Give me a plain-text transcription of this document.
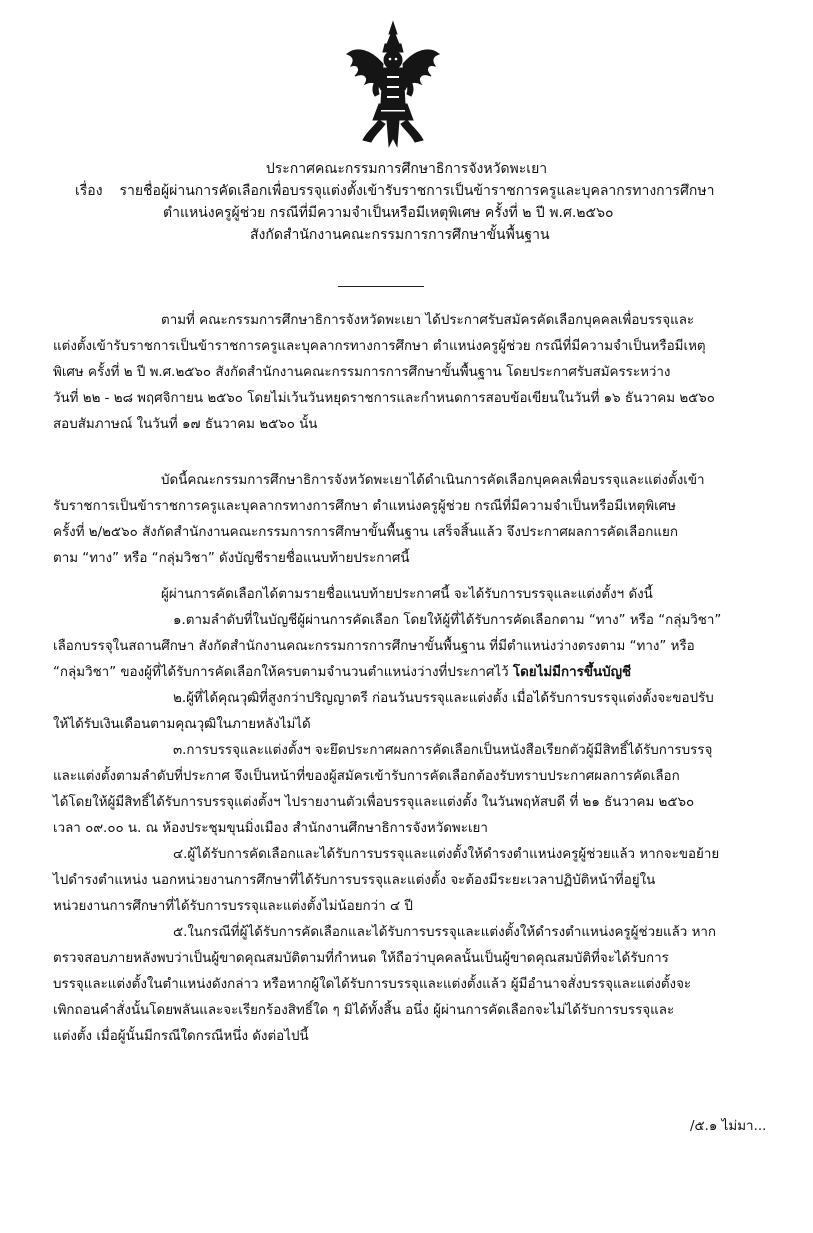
ประกาศคณะกรรมการศึกษาธิการจังหวัดพะเยา
เรื่อง รายชื่อผู้ผ่านการคัดเลือกเพื่อบรรจุแต่งตั้งเข้ารับราชการเป็นข้าราชการครูและบุคลากรทางการศึกษา
ตำแหน่งครูผู้ช่วย กรณีที่มีความจำเป็นหรือมีเหตุพิเศษ ครั้งที่ ๒ ปี พ.ศ.๒๕๖๐
สังกัดสำนักงานคณะกรรมการการศึกษาขั้นพื้นฐาน
ตามที่ คณะกรรมการศึกษาธิการจังหวัดพะเยา ได้ประกาศรับสมัครคัดเลือกบุคคลเพื่อบรรจุและ
แต่งตั้งเข้ารับราชการเป็นข้าราชการครูและบุคลากรทางการศึกษา ตำแหน่งครูผู้ช่วย กรณีที่มีความจำเป็นหรือมีเหตุ
พิเศษ ครั้งที่ ๒ ปี พ.ศ.๒๕๖๐ สังกัดสำนักงานคณะกรรมการการศึกษาขั้นพื้นฐาน โดยประกาศรับสมัครระหว่าง
วันที่ ๒๒ - ๒๘ พฤศจิกายน ๒๕๖๐ โดยไม่เว้นวันหยุดราชการและกำหนดการสอบข้อเขียนในวันที่ ๑๖ ธันวาคม ๒๕๖๐
สอบสัมภาษณ์ ในวันที่ ๑๗ ธันวาคม ๒๕๖๐ นั้น
บัดนี้คณะกรรมการศึกษาธิการจังหวัดพะเยาได้ดำเนินการคัดเลือกบุคคลเพื่อบรรจุและแต่งตั้งเข้า
รับราชการเป็นข้าราชการครูและบุคลากรทางการศึกษา ตำแหน่งครูผู้ช่วย กรณีที่มีความจำเป็นหรือมีเหตุพิเศษ
ครั้งที่ ๒/๒๕๖๐ สังกัดสำนักงานคณะกรรมการการศึกษาขั้นพื้นฐาน เสร็จสิ้นแล้ว จึงประกาศผลการคัดเลือกแยก
ตาม “ทาง” หรือ “กลุ่มวิชา” ดังบัญชีรายชื่อแนบท้ายประกาศนี้
ผู้ผ่านการคัดเลือกได้ตามรายชื่อแนบท้ายประกาศนี้ จะได้รับการบรรจุและแต่งตั้งฯ ดังนี้
๑.ตามลำดับที่ในบัญชีผู้ผ่านการคัดเลือก โดยให้ผู้ที่ได้รับการคัดเลือกตาม “ทาง” หรือ “กลุ่มวิชา”
เลือกบรรจุในสถานศึกษา สังกัดสำนักงานคณะกรรมการการศึกษาขั้นพื้นฐาน ที่มีตำแหน่งว่างตรงตาม “ทาง” หรือ
“กลุ่มวิชา” ของผู้ที่ได้รับการคัดเลือกให้ครบตามจำนวนตำแหน่งว่างที่ประกาศไว้ โดยไม่มีการขึ้นบัญชี
๒.ผู้ที่ได้คุณวุฒิที่สูงกว่าปริญญาตรี ก่อนวันบรรจุและแต่งตั้ง เมื่อได้รับการบรรจุแต่งตั้งจะขอปรับ
ให้ได้รับเงินเดือนตามคุณวุฒิในภายหลังไม่ได้
๓.การบรรจุและแต่งตั้งฯ จะยึดประกาศผลการคัดเลือกเป็นหนังสือเรียกตัวผู้มีสิทธิ์ได้รับการบรรจุ
และแต่งตั้งตามลำดับที่ประกาศ จึงเป็นหน้าที่ของผู้สมัครเข้ารับการคัดเลือกต้องรับทราบประกาศผลการคัดเลือก
ได้โดยให้ผู้มีสิทธิ์ได้รับการบรรจุแต่งตั้งฯ ไปรายงานตัวเพื่อบรรจุและแต่งตั้ง ในวันพฤหัสบดี ที่ ๒๑ ธันวาคม ๒๕๖๐
เวลา ๐๙.๐๐ น. ณ ห้องประชุมขุนมิ่งเมือง สำนักงานศึกษาธิการจังหวัดพะเยา
๔.ผู้ได้รับการคัดเลือกและได้รับการบรรจุและแต่งตั้งให้ดำรงตำแหน่งครูผู้ช่วยแล้ว หากจะขอย้าย
ไปดำรงตำแหน่ง นอกหน่วยงานการศึกษาที่ได้รับการบรรจุและแต่งตั้ง จะต้องมีระยะเวลาปฏิบัติหน้าที่อยู่ใน
หน่วยงานการศึกษาที่ได้รับการบรรจุและแต่งตั้งไม่น้อยกว่า ๔ ปี
๕.ในกรณีที่ผู้ได้รับการคัดเลือกและได้รับการบรรจุและแต่งตั้งให้ดำรงตำแหน่งครูผู้ช่วยแล้ว หาก
ตรวจสอบภายหลังพบว่าเป็นผู้ขาดคุณสมบัติตามที่กำหนด ให้ถือว่าบุคคลนั้นเป็นผู้ขาดคุณสมบัติที่จะได้รับการ
บรรจุและแต่งตั้งในตำแหน่งดังกล่าว หรือหากผู้ใดได้รับการบรรจุและแต่งตั้งแล้ว ผู้มีอำนาจสั่งบรรจุและแต่งตั้งจะ
เพิกถอนคำสั่งนั้นโดยพลันและจะเรียกร้องสิทธิ์ใด ๆ มิได้ทั้งสิ้น อนึ่ง ผู้ผ่านการคัดเลือกจะไม่ได้รับการบรรจุและ
แต่งตั้ง เมื่อผู้นั้นมีกรณีใดกรณีหนึ่ง ดังต่อไปนี้
/๕.๑ ไม่มา...
